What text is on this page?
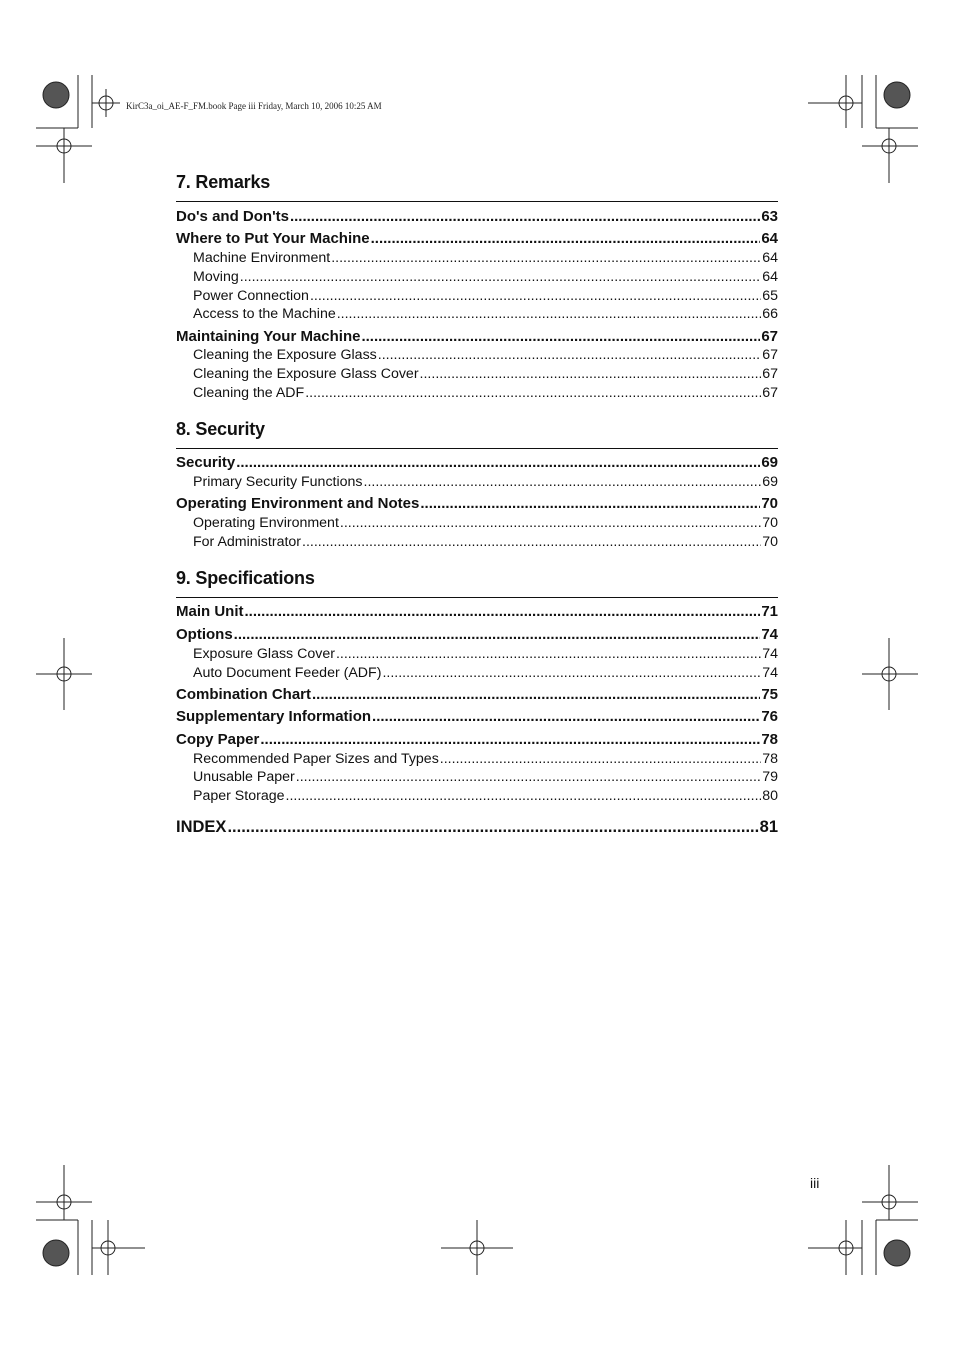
KirC3a_oi_AE-F_FM.book Page iii Friday, March 10, 2006 10:25 AM
7. Remarks
Do's and Don'ts .....	63
Where to Put Your Machine .....	64
Machine Environment .....	64
Moving .....	64
Power Connection .....	65
Access to the Machine .....	66
Maintaining Your Machine .....	67
Cleaning the Exposure Glass .....	67
Cleaning the Exposure Glass Cover .....	67
Cleaning the ADF .....	67
8. Security
Security .....	69
Primary Security Functions .....	69
Operating Environment and Notes .....	70
Operating Environment .....	70
For Administrator .....	70
9. Specifications
Main Unit .....	71
Options .....	74
Exposure Glass Cover .....	74
Auto Document Feeder (ADF) .....	74
Combination Chart .....	75
Supplementary Information .....	76
Copy Paper .....	78
Recommended Paper Sizes and Types .....	78
Unusable Paper .....	79
Paper Storage .....	80
INDEX .....	81
iii
